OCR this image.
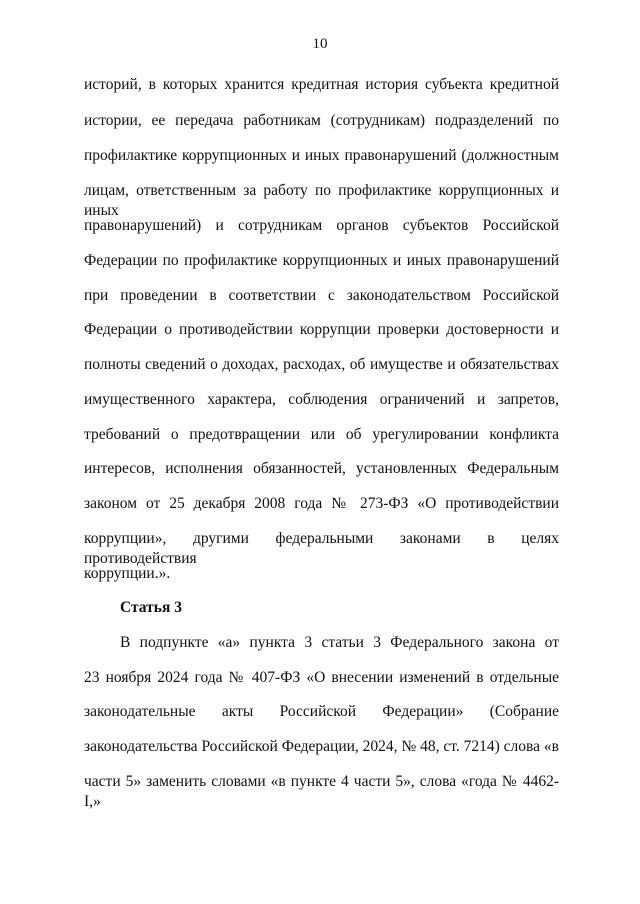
10
историй, в которых хранится кредитная история субъекта кредитной
истории, ее передача работникам (сотрудникам) подразделений по
профилактике коррупционных и иных правонарушений (должностным
лицам, ответственным за работу по профилактике коррупционных и иных
правонарушений) и сотрудникам органов субъектов Российской
Федерации по профилактике коррупционных и иных правонарушений
при проведении в соответствии с законодательством Российской
Федерации о противодействии коррупции проверки достоверности и
полноты сведений о доходах, расходах, об имуществе и обязательствах
имущественного характера, соблюдения ограничений и запретов,
требований о предотвращении или об урегулировании конфликта
интересов, исполнения обязанностей, установленных Федеральным
законом от 25 декабря 2008 года № 273-ФЗ «О противодействии
коррупции», другими федеральными законами в целях противодействия
коррупции.».
Статья 3
В подпункте «а» пункта 3 статьи 3 Федерального закона от
23 ноября 2024 года № 407-ФЗ «О внесении изменений в отдельные
законодательные акты Российской Федерации» (Собрание
законодательства Российской Федерации, 2024, № 48, ст. 7214) слова «в
части 5» заменить словами «в пункте 4 части 5», слова «года № 4462-I,»
